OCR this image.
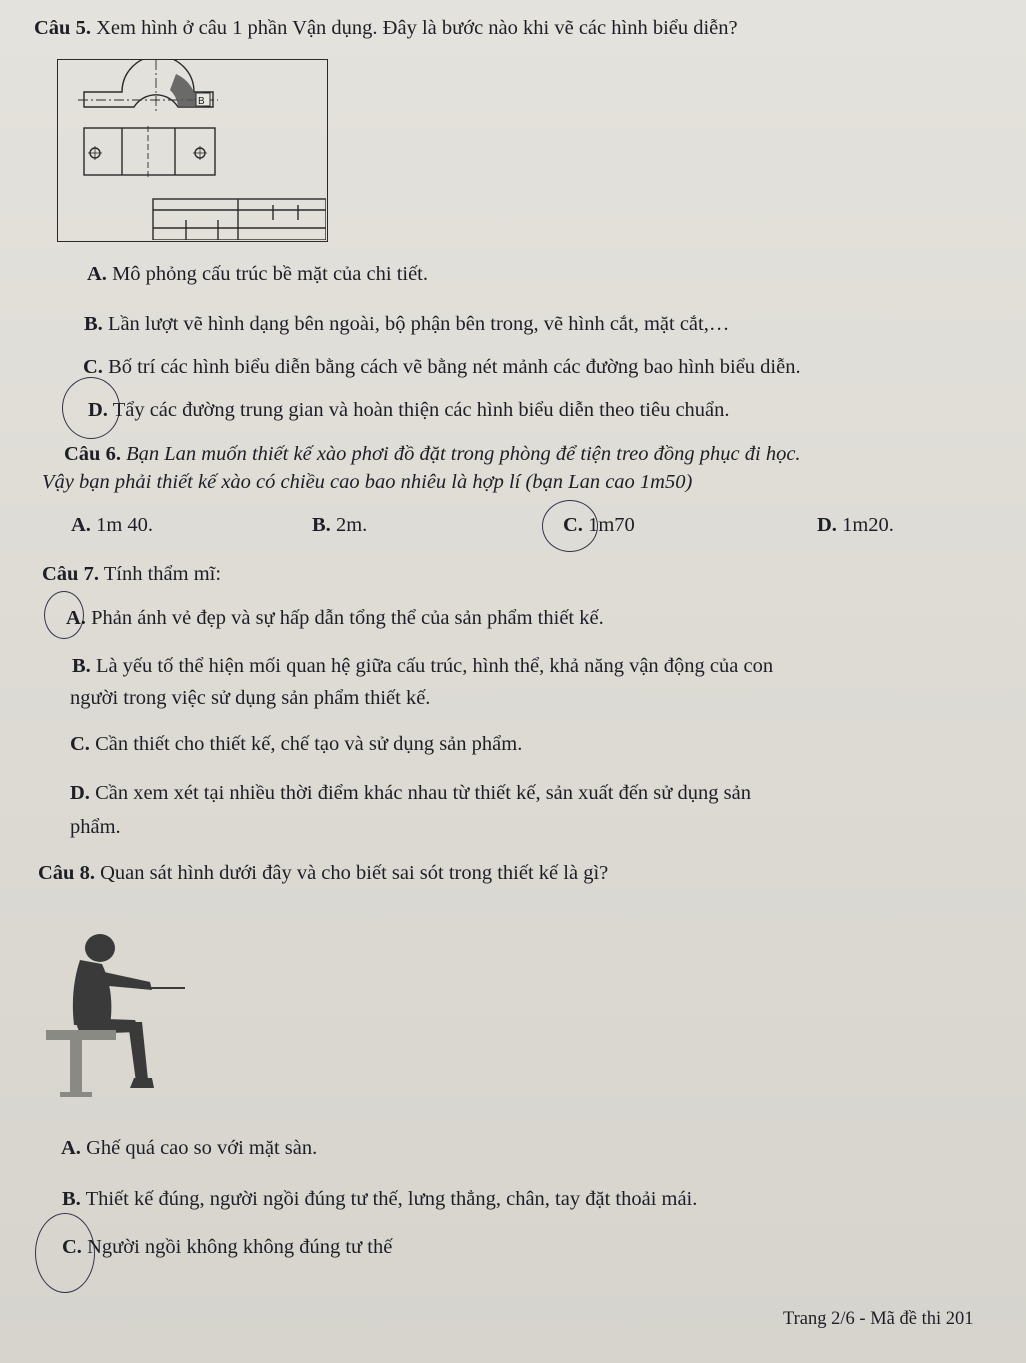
Câu 5. Xem hình ở câu 1 phần Vận dụng. Đây là bước nào khi vẽ các hình biểu diễn?
B
A. Mô phỏng cấu trúc bề mặt của chi tiết.
B. Lần lượt vẽ hình dạng bên ngoài, bộ phận bên trong, vẽ hình cắt, mặt cắt,…
C. Bố trí các hình biểu diễn bằng cách vẽ bằng nét mảnh các đường bao hình biểu diễn.
D. Tẩy các đường trung gian và hoàn thiện các hình biểu diễn theo tiêu chuẩn.
Câu 6. Bạn Lan muốn thiết kế xào phơi đồ đặt trong phòng để tiện treo đồng phục đi học.
Vậy bạn phải thiết kế xào có chiều cao bao nhiêu là hợp lí (bạn Lan cao 1m50)
A. 1m 40.	B. 2m.	C. 1m70	D. 1m20.
Câu 7. Tính thẩm mĩ:
A. Phản ánh vẻ đẹp và sự hấp dẫn tổng thể của sản phẩm thiết kế.
B. Là yếu tố thể hiện mối quan hệ giữa cấu trúc, hình thể, khả năng vận động của con
người trong việc sử dụng sản phẩm thiết kế.
C. Cần thiết cho thiết kế, chế tạo và sử dụng sản phẩm.
D. Cần xem xét tại nhiều thời điểm khác nhau từ thiết kế, sản xuất đến sử dụng sản
phẩm.
Câu 8. Quan sát hình dưới đây và cho biết sai sót trong thiết kế là gì?
A. Ghế quá cao so với mặt sàn.
B. Thiết kế đúng, người ngồi đúng tư thế, lưng thẳng, chân, tay đặt thoải mái.
C. Người ngồi không không đúng tư thế
Trang 2/6 - Mã đề thi 201
